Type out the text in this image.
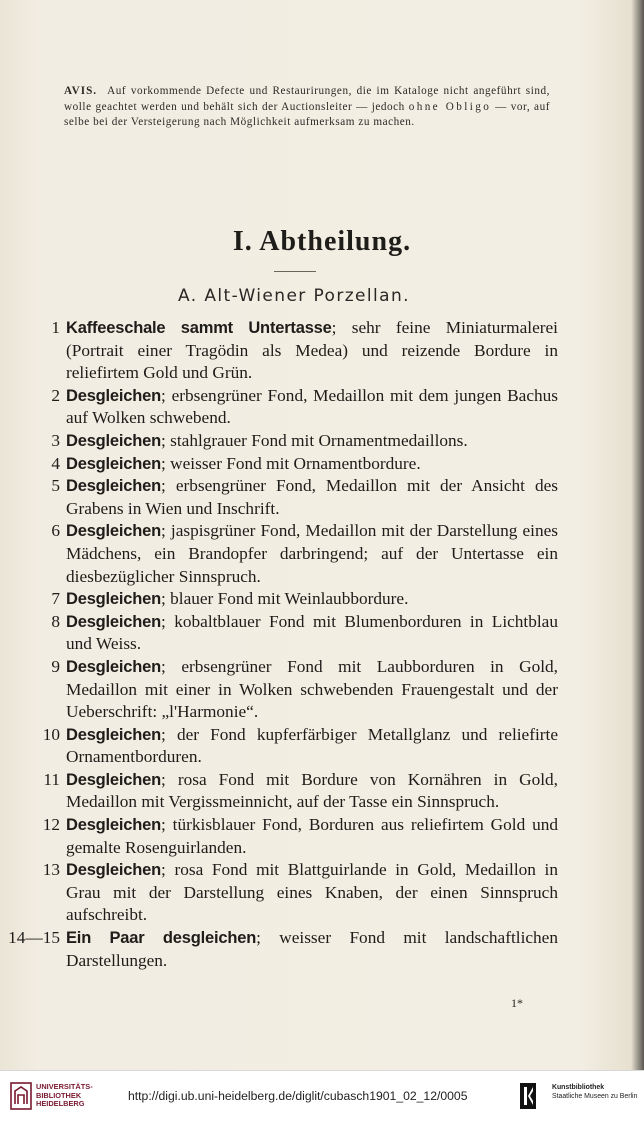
AVIS. Auf vorkommende Defecte und Restaurirungen, die im Kataloge nicht angeführt sind, wolle geachtet werden und behält sich der Auctionsleiter — jedoch ohne Obligo — vor, auf selbe bei der Versteigerung nach Möglichkeit aufmerksam zu machen.
I. Abtheilung.
A. Alt-Wiener Porzellan.
1 Kaffeeschale sammt Untertasse; sehr feine Miniaturmalerei (Portrait einer Tragödin als Medea) und reizende Bordure in reliefirtem Gold und Grün.
2 Desgleichen; erbsengrüner Fond, Medaillon mit dem jungen Bachus auf Wolken schwebend.
3 Desgleichen; stahlgrauer Fond mit Ornamentmedaillons.
4 Desgleichen; weisser Fond mit Ornamentbordure.
5 Desgleichen; erbsengrüner Fond, Medaillon mit der Ansicht des Grabens in Wien und Inschrift.
6 Desgleichen; jaspisgrüner Fond, Medaillon mit der Darstellung eines Mädchens, ein Brandopfer darbringend; auf der Untertasse ein diesbezüglicher Sinnspruch.
7 Desgleichen; blauer Fond mit Weinlaubbordure.
8 Desgleichen; kobaltblauer Fond mit Blumenborduren in Lichtblau und Weiss.
9 Desgleichen; erbsengrüner Fond mit Laubborduren in Gold, Medaillon mit einer in Wolken schwebenden Frauengestalt und der Ueberschrift: „l'Harmonie“.
10 Desgleichen; der Fond kupferfärbiger Metallglanz und reliefirte Ornamentborduren.
11 Desgleichen; rosa Fond mit Bordure von Kornähren in Gold, Medaillon mit Vergissmeinnicht, auf der Tasse ein Sinnspruch.
12 Desgleichen; türkisblauer Fond, Borduren aus reliefirtem Gold und gemalte Rosenguirlanden.
13 Desgleichen; rosa Fond mit Blattguirlande in Gold, Medaillon in Grau mit der Darstellung eines Knaben, der einen Sinnspruch aufschreibt.
14—15 Ein Paar desgleichen; weisser Fond mit landschaftlichen Darstellungen.
1*
UNIVERSITÄTS-
BIBLIOTHEK
HEIDELBERG
http://digi.ub.uni-heidelberg.de/diglit/cubasch1901_02_12/0005
Kunstbibliothek
Staatliche Museen zu Berlin
